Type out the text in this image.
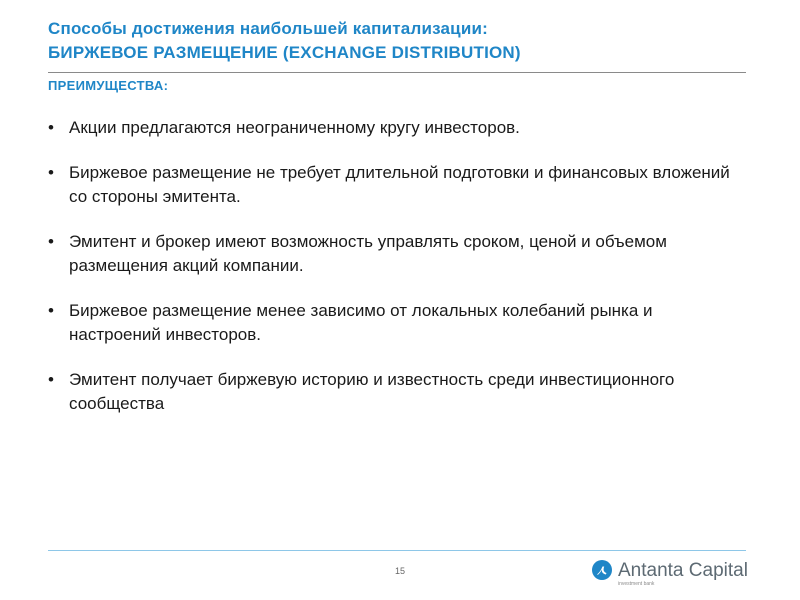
Способы достижения наибольшей капитализации:
БИРЖЕВОЕ РАЗМЕЩЕНИЕ (EXCHANGE DISTRIBUTION)
ПРЕИМУЩЕСТВА:
• Акции предлагаются неограниченному кругу инвесторов.
• Биржевое размещение не требует длительной подготовки и финансовых вложений со стороны эмитента.
• Эмитент и брокер имеют возможность управлять сроком, ценой и объемом размещения акций компании.
• Биржевое размещение менее зависимо от локальных колебаний рынка и настроений инвесторов.
• Эмитент получает биржевую историю и известность среди инвестиционного сообщества
15	Antanta Capital
investment bank
